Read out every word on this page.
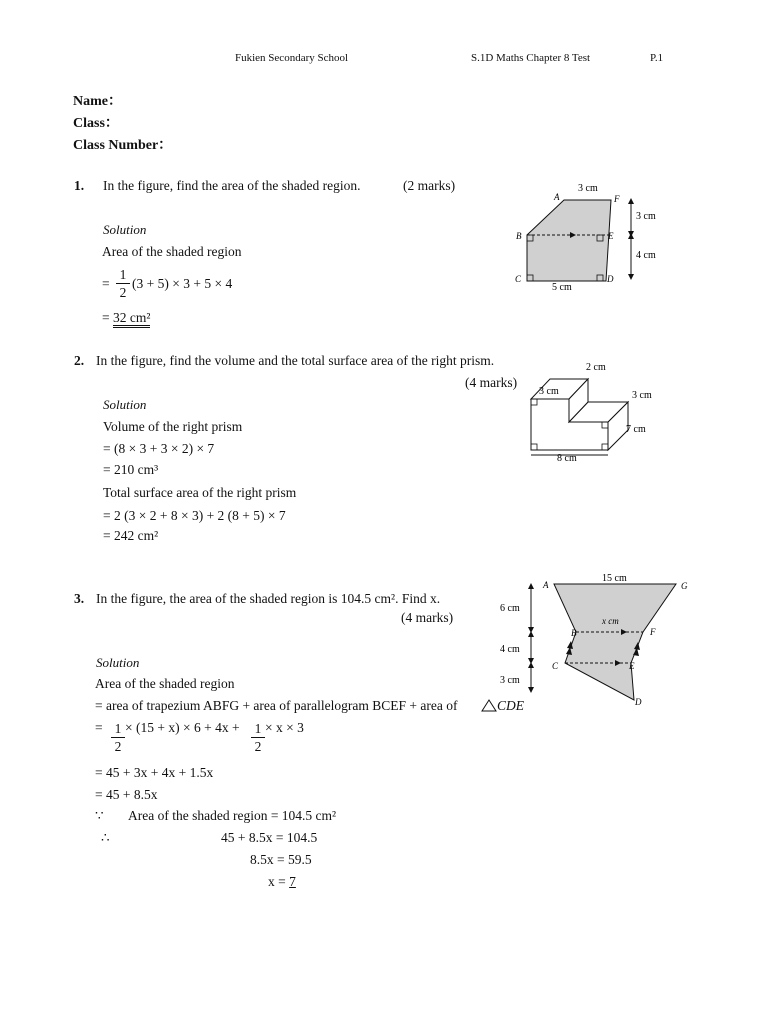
Fukien Secondary School	S.1D Maths Chapter 8 Test	P.1
Name：
Class：
Class Number：
1. In the figure, find the area of the shaded region.	(2 marks)
Solution
Area of the shaded region
=
1
2
(3 + 5) × 3 + 5 × 4
= 32 cm²
3 cm
3 cm
4 cm
5 cm
A	F
B	E
C	D
2. In the figure, find the volume and the total surface area of the right prism.
(4 marks)
Solution
Volume of the right prism
= (8 × 3 + 3 × 2) × 7
= 210 cm³
Total surface area of the right prism
= 2 (3 × 2 + 8 × 3) + 2 (8 + 5) × 7
= 242 cm²
2 cm
3 cm	3 cm
7 cm
8 cm
3. In the figure, the area of the shaded region is 104.5 cm². Find x.
(4 marks)
Solution
Area of the shaded region
= area of trapezium ABFG + area of parallelogram BCEF + area of	CDE
= 1
2
× (15 + x) × 6 + 4x + 1
2
× x × 3
= 45 + 3x + 4x + 1.5x
= 45 + 8.5x
∵ Area of the shaded region = 104.5 cm²
∴	45 + 8.5x = 104.5
8.5x = 59.5
x = 7
15 cm
6 cm
4 cm
3 cm
x cm
A	G
B	F
C	E
D
